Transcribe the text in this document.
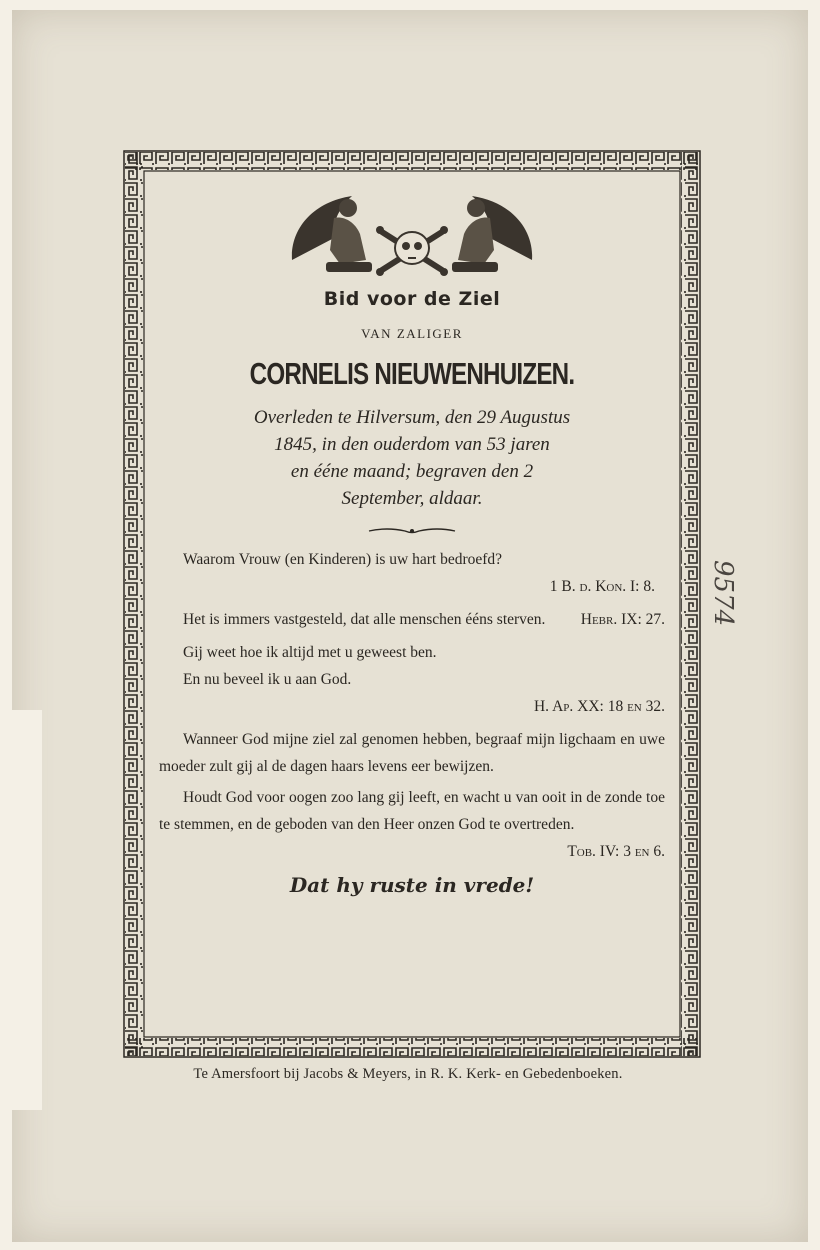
Bid voor de Ziel
VAN ZALIGER
CORNELIS NIEUWENHUIZEN.
Overleden te Hilversum, den 29 Augustus
1845, in den ouderdom van 53 jaren
en ééne maand; begraven den 2
September, aldaar.
Waarom Vrouw (en Kinderen) is uw hart bedroefd?
1 B. d. Kon. I: 8.
Het is immers vastgesteld, dat alle menschen ééns sterven.	Hebr. IX: 27.
Gij weet hoe ik altijd met u geweest ben.
En nu beveel ik u aan God.
H. Ap. XX: 18 en 32.
Wanneer God mijne ziel zal genomen hebben, begraaf mijn ligchaam en uwe moeder zult gij al de dagen haars levens eer bewijzen.
Houdt God voor oogen zoo lang gij leeft, en wacht u van ooit in de zonde toe te stemmen, en de geboden van den Heer onzen God te overtreden.
Tob. IV: 3 en 6.
Dat hy ruste in vrede!
Te Amersfoort bij Jacobs & Meyers, in R. K. Kerk- en Gebedenboeken.
9574
